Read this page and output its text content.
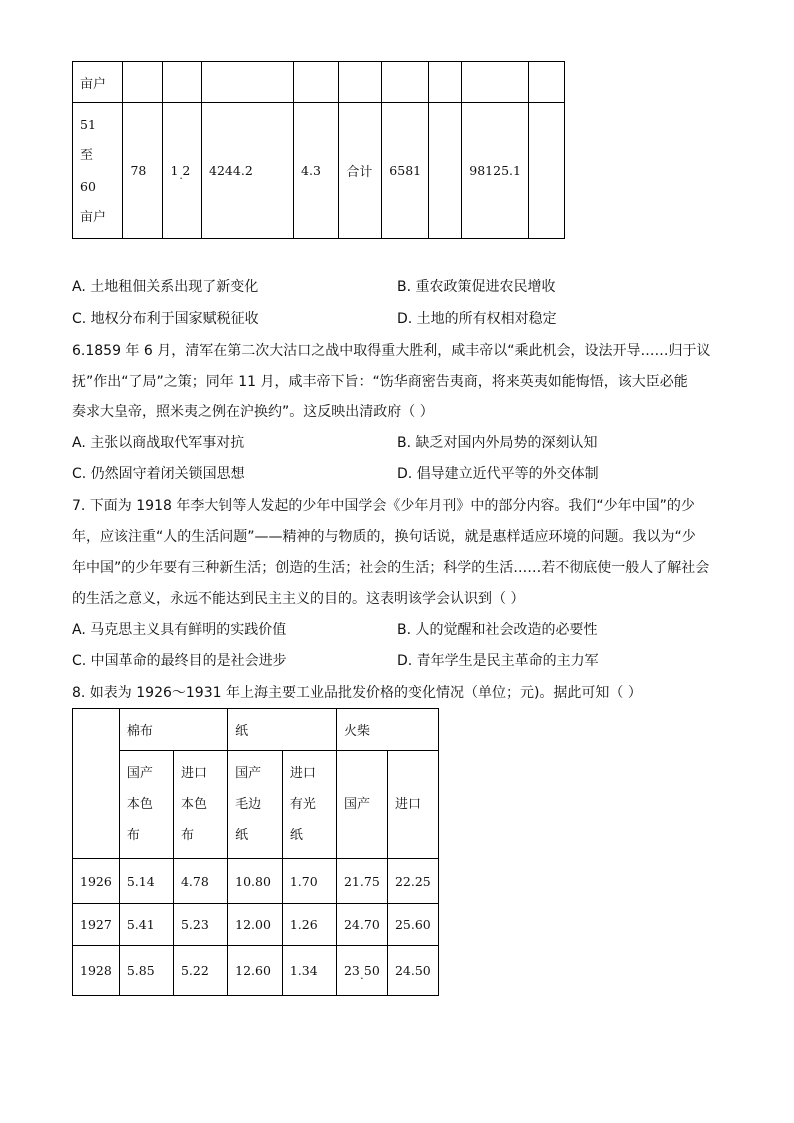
亩户									

51
至
60
亩户	78	1 2 ·	4244.2	4.3	合计	6581		98125.1	
A. 土地租佃关系出现了新变化	B. 重农政策促进农民增收
C. 地权分布利于国家赋税征收	D. 土地的所有权相对稳定
6.1859 年 6 月，清军在第二次大沽口之战中取得重大胜利，咸丰帝以“乘此机会，设法开导……归于议
抚”作出“了局”之策；同年 11 月，咸丰帝下旨：“饬华商密告夷商，将来英夷如能悔悟，该大臣必能
奏求大皇帝，照米夷之例在沪换约”。这反映出清政府（ ）
A. 主张以商战取代军事对抗	B. 缺乏对国内外局势的深刻认知
C. 仍然固守着闭关锁国思想	D. 倡导建立近代平等的外交体制
7. 下面为 1918 年李大钊等人发起的少年中国学会《少年月刊》中的部分内容。我们“少年中国”的少
年，应该注重“人的生活问题”——精神的与物质的，换句话说，就是惠样适应环境的问题。我以为“少
年中国”的少年要有三种新生活；创造的生活；社会的生活；科学的生活……若不彻底使一般人了解社会
的生活之意义，永远不能达到民主主义的目的。这表明该学会认识到（ ）
A. 马克思主义具有鲜明的实践价值	B. 人的觉醒和社会改造的必要性
C. 中国革命的最终目的是社会进步	D. 青年学生是民主革命的主力军
8. 如表为 1926～1931 年上海主要工业品批发价格的变化情况（单位；元)。据此可知（ ）
	棉布		纸		火柴	

	国产
本色
布	进口
本色
布	国产
毛边
纸	进口
有光
纸	国产	进口

1926	5.14	4.78	10.80	1.70	21.75	22.25
1927	5.41	5.23	12.00	1.26	24.70	25.60
1928	5.85	5.22	12.60	1.34	23 50 ·	24.50
